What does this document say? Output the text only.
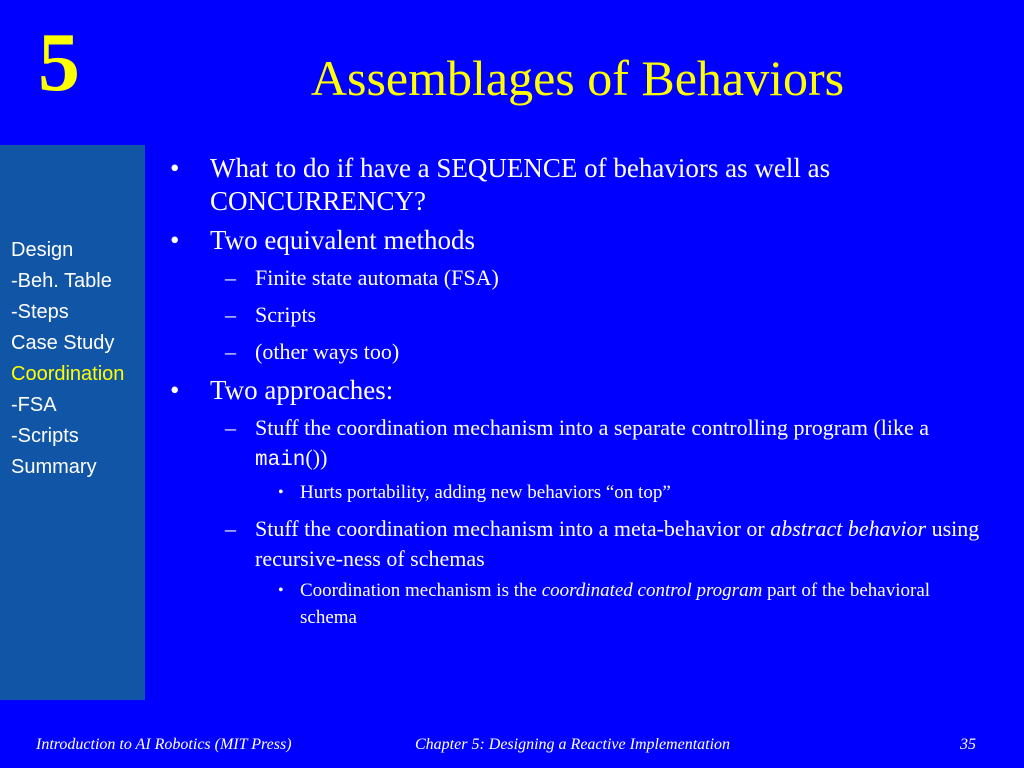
5	Assemblages of Behaviors
Design
-Beh. Table
-Steps
Case Study
Coordination
-FSA
-Scripts
Summary
•	What to do if have a SEQUENCE of behaviors as well as CONCURRENCY?
•	Two equivalent methods
– Finite state automata (FSA)
– Scripts
– (other ways too)
•	Two approaches:
– Stuff the coordination mechanism into a separate controlling program (like a main())
• Hurts portability, adding new behaviors “on top”
– Stuff the coordination mechanism into a meta-behavior or abstract behavior using recursive-ness of schemas
• Coordination mechanism is the coordinated control program part of the behavioral schema
Introduction to AI Robotics (MIT Press)	Chapter 5: Designing a Reactive Implementation	35
